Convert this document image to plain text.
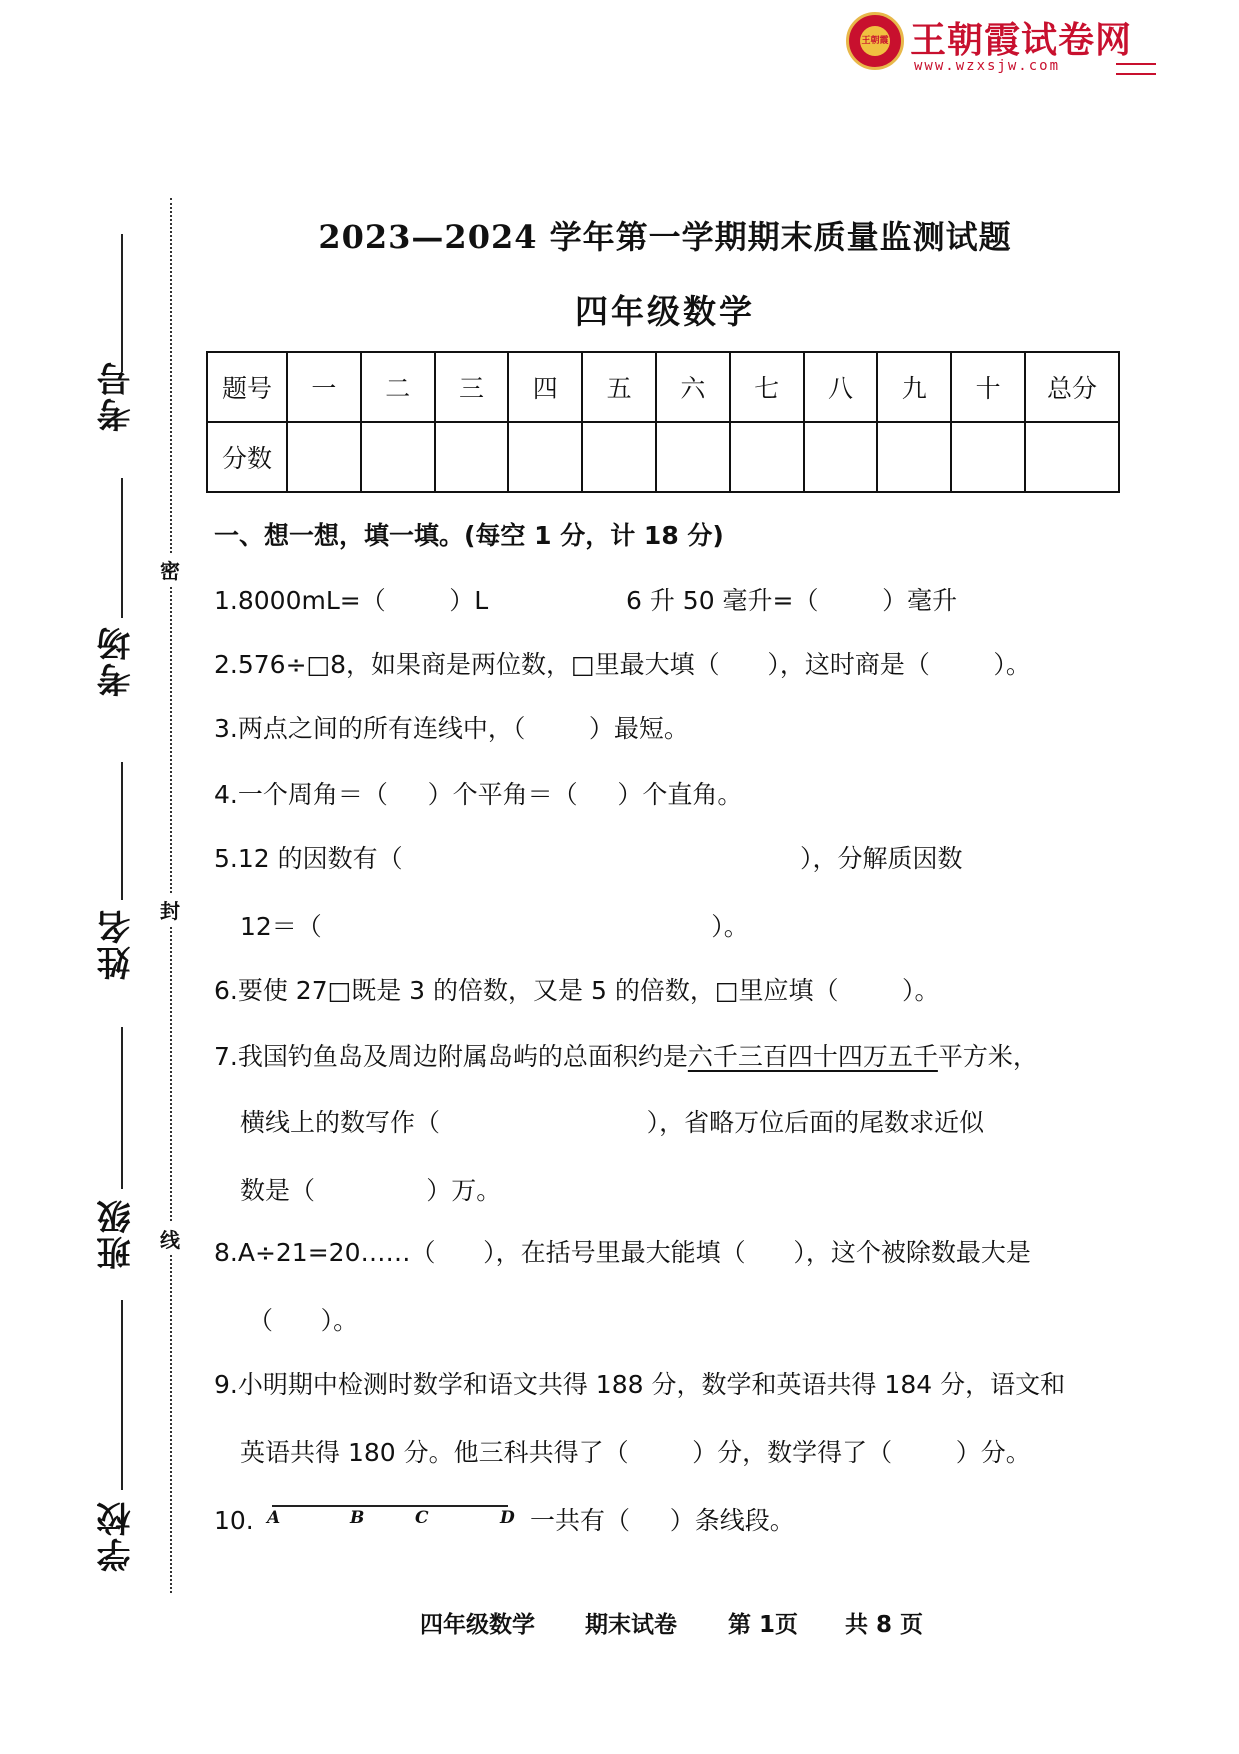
王朝霞 王朝霞试卷网
www.wzxsjw.com
考号
考场
姓名
班级
学校
密
封
线
2023—2024 学年第一学期期末质量监测试题
四年级数学
题号	一	二	三	四	五	六	七	八	九	十	总分
分数											
一、想一想，填一填。(每空 1 分，计 18 分)
1.8000mL=（        ）L	6 升 50 毫升=（        ）毫升
2.576÷□8，如果商是两位数，□里最大填（      ），这时商是（        ）。
3.两点之间的所有连线中，（        ）最短。
4.一个周角＝（     ）个平角＝（     ）个直角。
5.12 的因数有（                                                  ），分解质因数
12＝（                                                 ）。
6.要使 27□既是 3 的倍数，又是 5 的倍数，□里应填（        ）。
7.我国钓鱼岛及周边附属岛屿的总面积约是六千三百四十四万五千平方米，
横线上的数写作（                          ），省略万位后面的尾数求近似
数是（              ）万。
8.A÷21=20……（      ），在括号里最大能填（      ），这个被除数最大是
（      ）。
9.小明期中检测时数学和语文共得 188 分，数学和英语共得 184 分，语文和
英语共得 180 分。他三科共得了（        ）分，数学得了（        ）分。
10. A	B	C	D 一共有（     ）条线段。
四年级数学 期末试卷 第 1页 共 8 页
